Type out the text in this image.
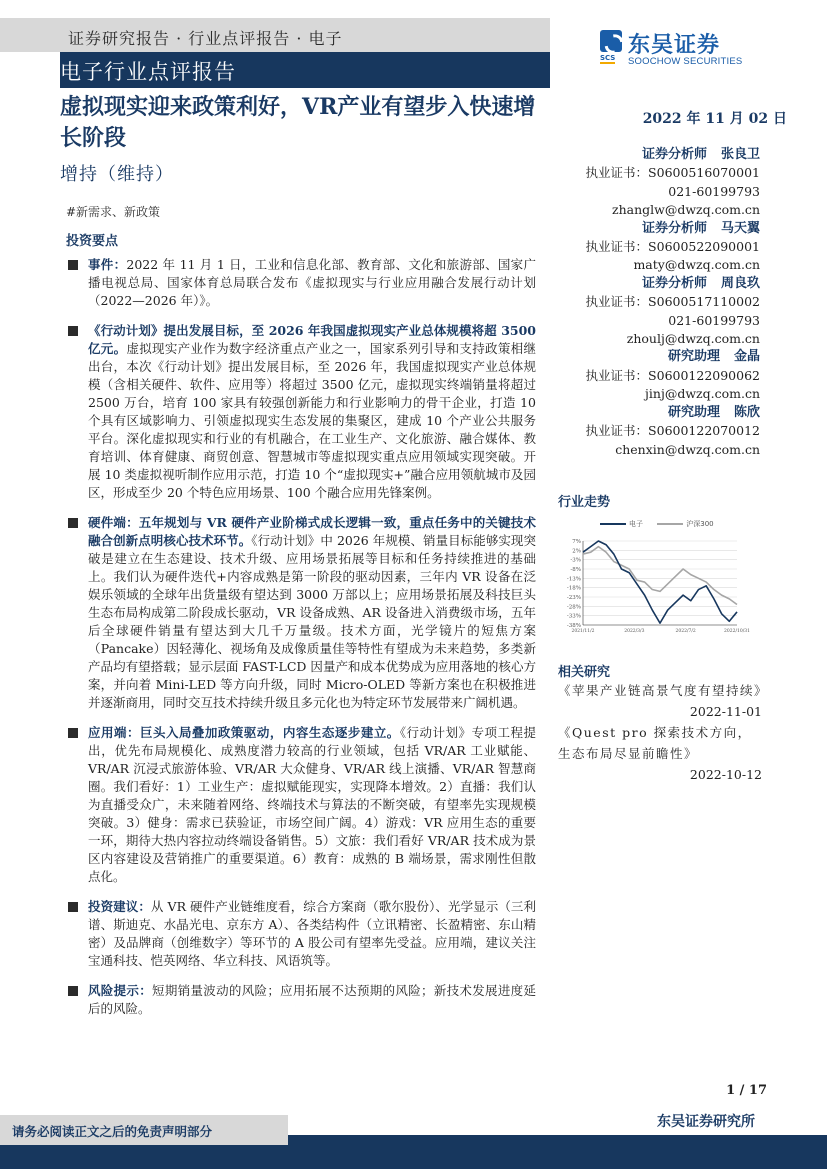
证券研究报告 · 行业点评报告 · 电子
电子行业点评报告
SCS 东吴证券
SOOCHOW SECURITIES
虚拟现实迎来政策利好，VR产业有望步入快速增长阶段
增持（维持）
#新需求、新政策
投资要点
事件：2022 年 11 月 1 日，工业和信息化部、教育部、文化和旅游部、国家广播电视总局、国家体育总局联合发布《虚拟现实与行业应用融合发展行动计划（2022—2026 年）》。
《行动计划》提出发展目标，至 2026 年我国虚拟现实产业总体规模将超 3500 亿元。虚拟现实产业作为数字经济重点产业之一，国家系列引导和支持政策相继出台，本次《行动计划》提出发展目标，至 2026 年，我国虚拟现实产业总体规模（含相关硬件、软件、应用等）将超过 3500 亿元，虚拟现实终端销量将超过 2500 万台，培育 100 家具有较强创新能力和行业影响力的骨干企业，打造 10 个具有区域影响力、引领虚拟现实生态发展的集聚区，建成 10 个产业公共服务平台。深化虚拟现实和行业的有机融合，在工业生产、文化旅游、融合媒体、教育培训、体育健康、商贸创意、智慧城市等虚拟现实重点应用领域实现突破。开展 10 类虚拟视听制作应用示范，打造 10 个“虚拟现实+”融合应用领航城市及园区，形成至少 20 个特色应用场景、100 个融合应用先锋案例。
硬件端：五年规划与 VR 硬件产业阶梯式成长逻辑一致，重点任务中的关键技术融合创新点明核心技术环节。《行动计划》中 2026 年规模、销量目标能够实现突破是建立在生态建设、技术升级、应用场景拓展等目标和任务持续推进的基础上。我们认为硬件迭代+内容成熟是第一阶段的驱动因素，三年内 VR 设备在泛娱乐领域的全球年出货量级有望达到 3000 万部以上；应用场景拓展及科技巨头生态布局构成第二阶段成长驱动，VR 设备成熟、AR 设备进入消费级市场，五年后全球硬件销量有望达到大几千万量级。技术方面，光学镜片的短焦方案（Pancake）因轻薄化、视场角及成像质量佳等特性有望成为未来趋势，多类新产品均有望搭载；显示层面 FAST-LCD 因量产和成本优势成为应用落地的核心方案，并向着 Mini-LED 等方向升级，同时 Micro-OLED 等新方案也在积极推进并逐渐商用，同时交互技术持续升级且多元化也为特定环节发展带来广阔机遇。
应用端：巨头入局叠加政策驱动，内容生态逐步建立。《行动计划》专项工程提出，优先布局规模化、成熟度潜力较高的行业领域，包括 VR/AR 工业赋能、VR/AR 沉浸式旅游体验、VR/AR 大众健身、VR/AR 线上演播、VR/AR 智慧商圈。我们看好：1）工业生产：虚拟赋能现实，实现降本增效。2）直播：我们认为直播受众广，未来随着网络、终端技术与算法的不断突破，有望率先实现规模突破。3）健身：需求已获验证，市场空间广阔。4）游戏：VR 应用生态的重要一环，期待大热内容拉动终端设备销售。5）文旅：我们看好 VR/AR 技术成为景区内容建设及营销推广的重要渠道。6）教育：成熟的 B 端场景，需求刚性但散点化。
投资建议：从 VR 硬件产业链维度看，综合方案商（歌尔股份）、光学显示（三利谱、斯迪克、水晶光电、京东方 A）、各类结构件（立讯精密、长盈精密、东山精密）及品牌商（创维数字）等环节的 A 股公司有望率先受益。应用端，建议关注宝通科技、恺英网络、华立科技、风语筑等。
风险提示：短期销量波动的风险；应用拓展不达预期的风险；新技术发展进度延后的风险。
2022 年 11 月 02 日
证券分析师 张良卫
执业证书：S0600516070001
021-60199793
zhanglw@dwzq.com.cn
证券分析师 马天翼
执业证书：S0600522090001
maty@dwzq.com.cn
证券分析师 周良玖
执业证书：S0600517110002
021-60199793
zhoulj@dwzq.com.cn
研究助理 金晶
执业证书：S0600122090062
jinj@dwzq.com.cn
研究助理 陈欣
执业证书：S0600122070012
chenxin@dwzq.com.cn
行业走势
电子	沪深300
7%
2%
-3%
-8%
-13%
-18%
-23%
-28%
-33%
-38%
2021/11/2	2022/3/3	2022/7/2	2022/10/31
相关研究
《苹果产业链高景气度有望持续》
2022-11-01
《Quest pro 探索技术方向，生态布局尽显前瞻性》
2022-10-12
1 / 17
东吴证券研究所
请务必阅读正文之后的免责声明部分
